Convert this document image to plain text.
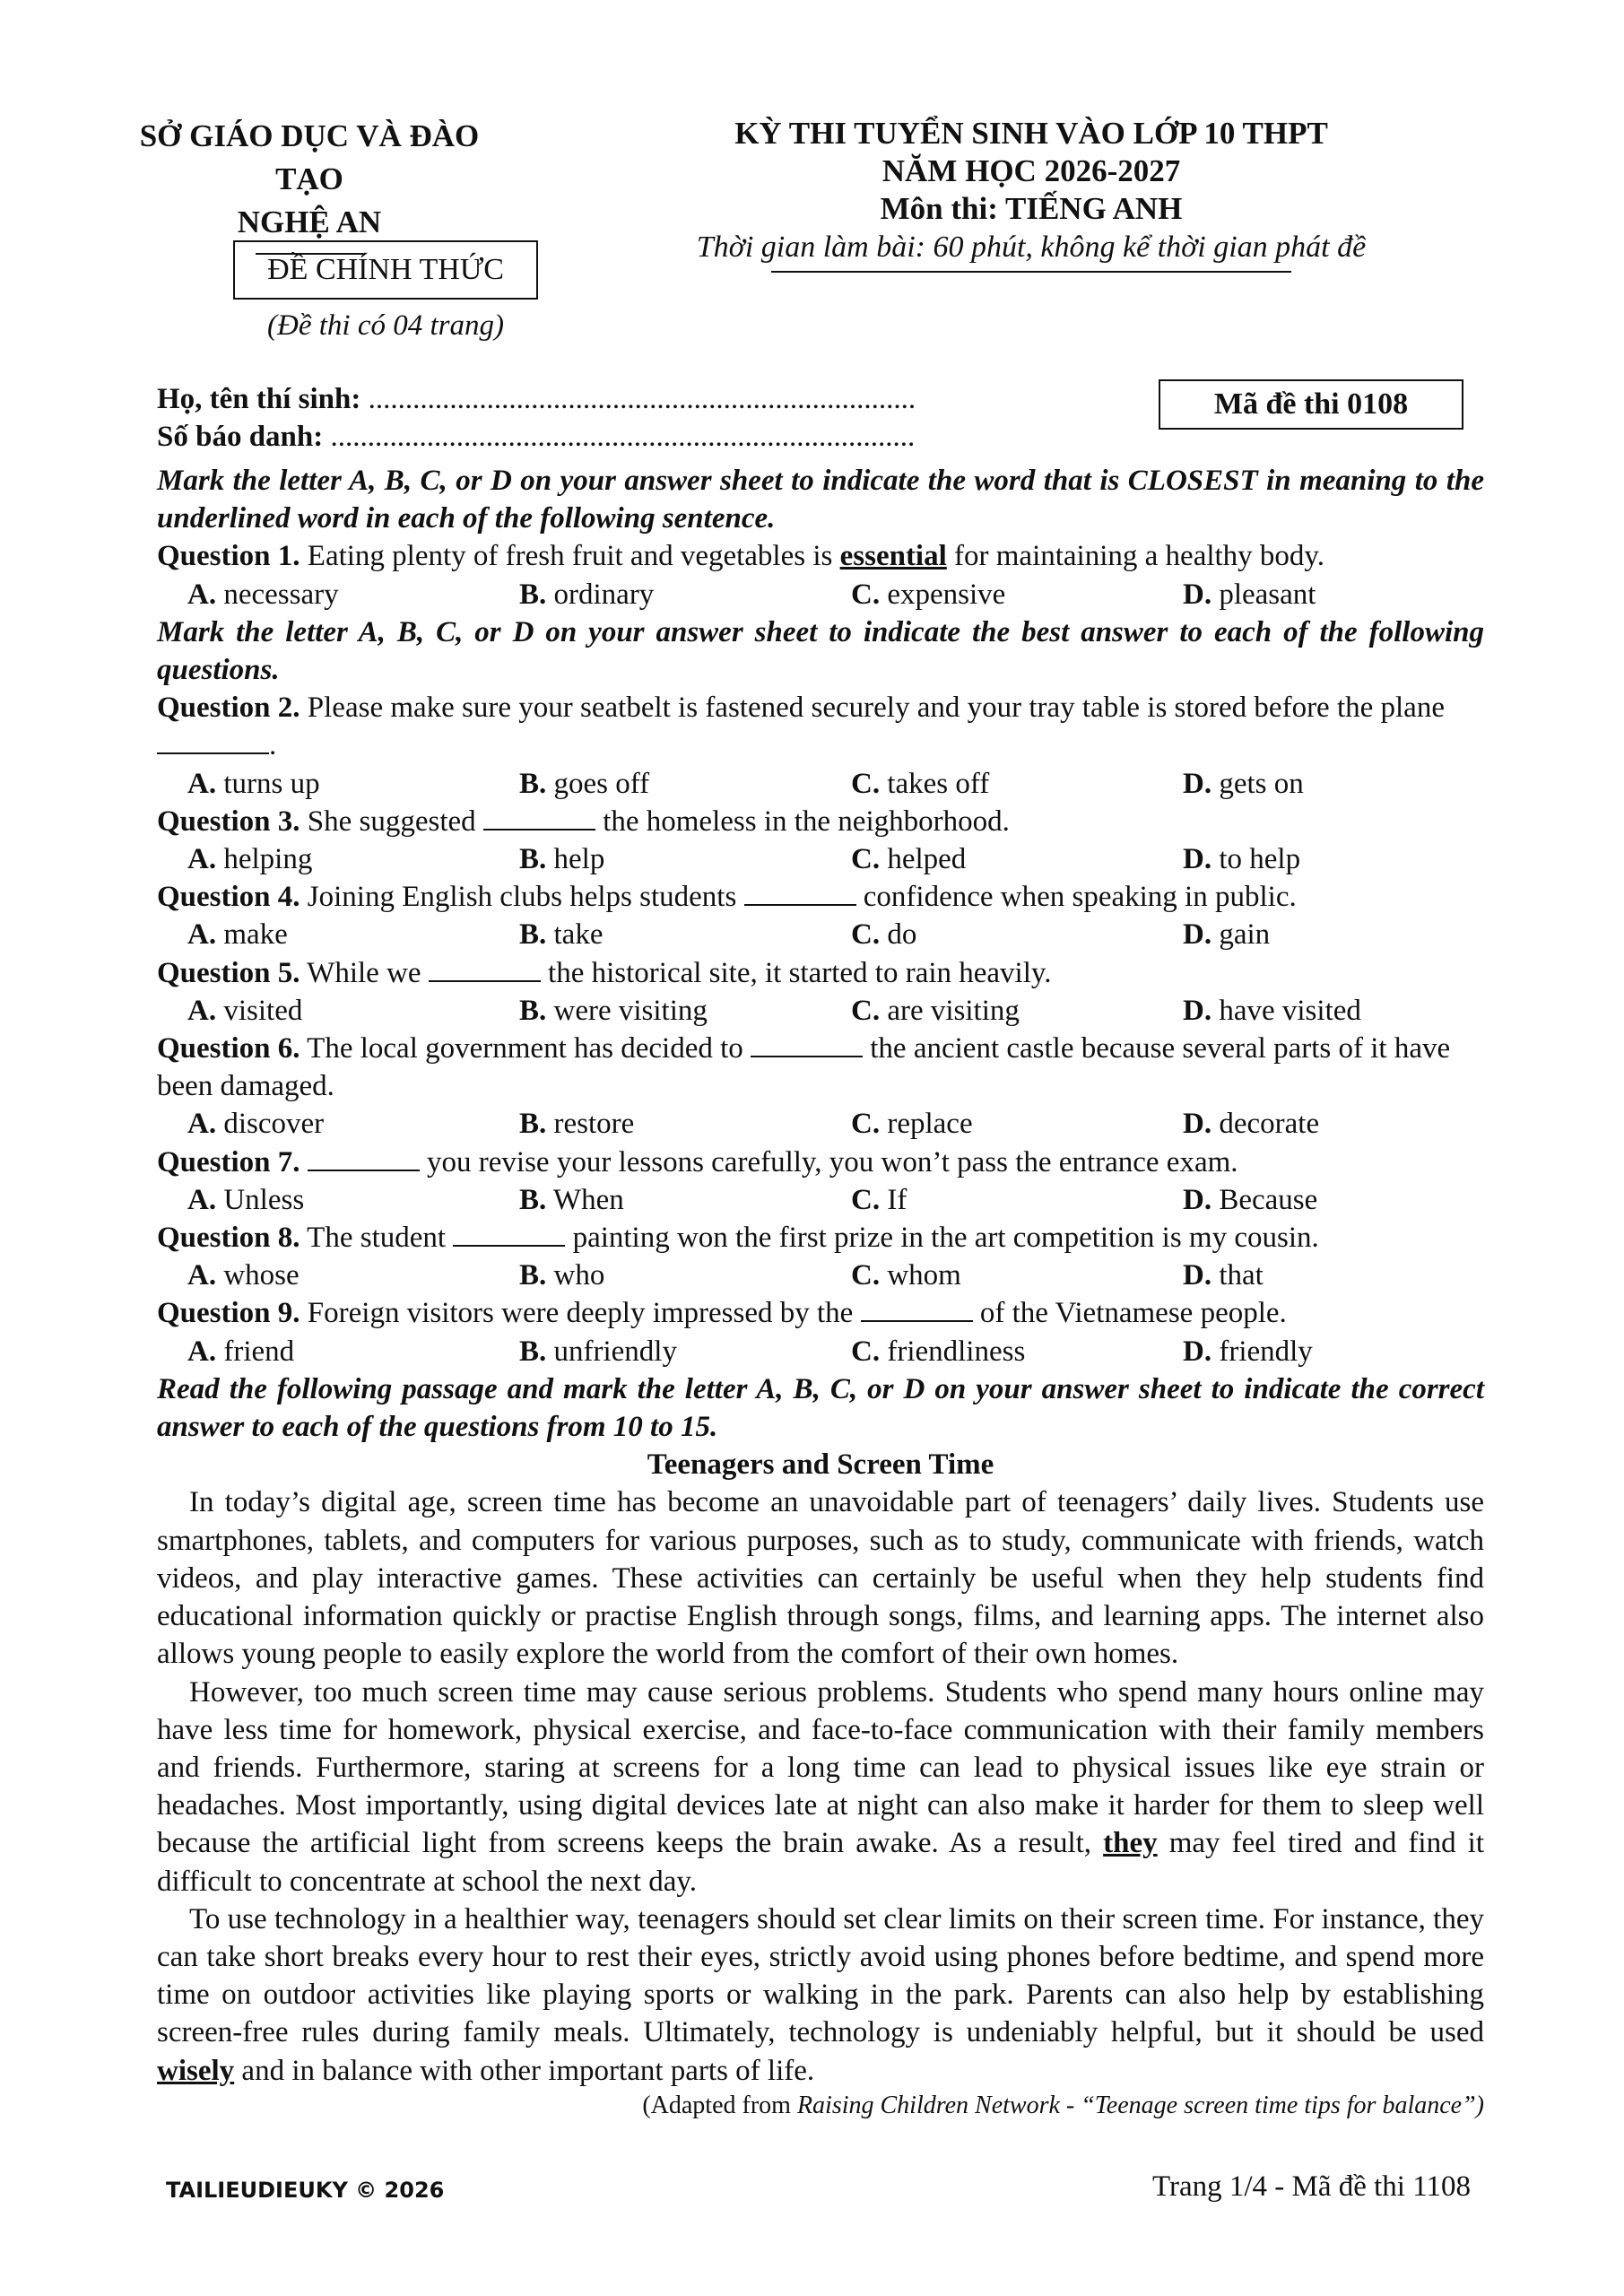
SỞ GIÁO DỤC VÀ ĐÀO TẠO
NGHỆ AN
ĐỀ CHÍNH THỨC
(Đề thi có 04 trang)
KỲ THI TUYỂN SINH VÀO LỚP 10 THPT
NĂM HỌC 2026-2027
Môn thi: TIẾNG ANH
Thời gian làm bài: 60 phút, không kể thời gian phát đề
Họ, tên thí sinh: ..........................................................................
Số báo danh: ...............................................................................
Mã đề thi 0108
Mark the letter A, B, C, or D on your answer sheet to indicate the word that is CLOSEST in meaning to the underlined word in each of the following sentence.
Question 1. Eating plenty of fresh fruit and vegetables is essential for maintaining a healthy body.
A. necessary	B. ordinary	C. expensive	D. pleasant
Mark the letter A, B, C, or D on your answer sheet to indicate the best answer to each of the following questions.
Question 2. Please make sure your seatbelt is fastened securely and your tray table is stored before the plane .
A. turns up	B. goes off	C. takes off	D. gets on
Question 3. She suggested	the homeless in the neighborhood.
A. helping	B. help	C. helped	D. to help
Question 4. Joining English clubs helps students	confidence when speaking in public.
A. make	B. take	C. do	D. gain
Question 5. While we	the historical site, it started to rain heavily.
A. visited	B. were visiting	C. are visiting	D. have visited
Question 6. The local government has decided to	the ancient castle because several parts of it have been damaged.
A. discover	B. restore	C. replace	D. decorate
Question 7.	you revise your lessons carefully, you won’t pass the entrance exam.
A. Unless	B. When	C. If	D. Because
Question 8. The student	painting won the first prize in the art competition is my cousin.
A. whose	B. who	C. whom	D. that
Question 9. Foreign visitors were deeply impressed by the	of the Vietnamese people.
A. friend	B. unfriendly	C. friendliness	D. friendly
Read the following passage and mark the letter A, B, C, or D on your answer sheet to indicate the correct answer to each of the questions from 10 to 15.
Teenagers and Screen Time

In today’s digital age, screen time has become an unavoidable part of teenagers’ daily lives. Students use smartphones, tablets, and computers for various purposes, such as to study, communicate with friends, watch videos, and play interactive games. These activities can certainly be useful when they help students find educational information quickly or practise English through songs, films, and learning apps. The internet also allows young people to easily explore the world from the comfort of their own homes.

However, too much screen time may cause serious problems. Students who spend many hours online may have less time for homework, physical exercise, and face-to-face communication with their family members and friends. Furthermore, staring at screens for a long time can lead to physical issues like eye strain or headaches. Most importantly, using digital devices late at night can also make it harder for them to sleep well because the artificial light from screens keeps the brain awake. As a result, they may feel tired and find it difficult to concentrate at school the next day.

To use technology in a healthier way, teenagers should set clear limits on their screen time. For instance, they can take short breaks every hour to rest their eyes, strictly avoid using phones before bedtime, and spend more time on outdoor activities like playing sports or walking in the park. Parents can also help by establishing screen-free rules during family meals. Ultimately, technology is undeniably helpful, but it should be used wisely and in balance with other important parts of life.

(Adapted from Raising Children Network - “Teenage screen time tips for balance”)
TAILIEUDIEUKY © 2026	Trang 1/4 - Mã đề thi 1108
